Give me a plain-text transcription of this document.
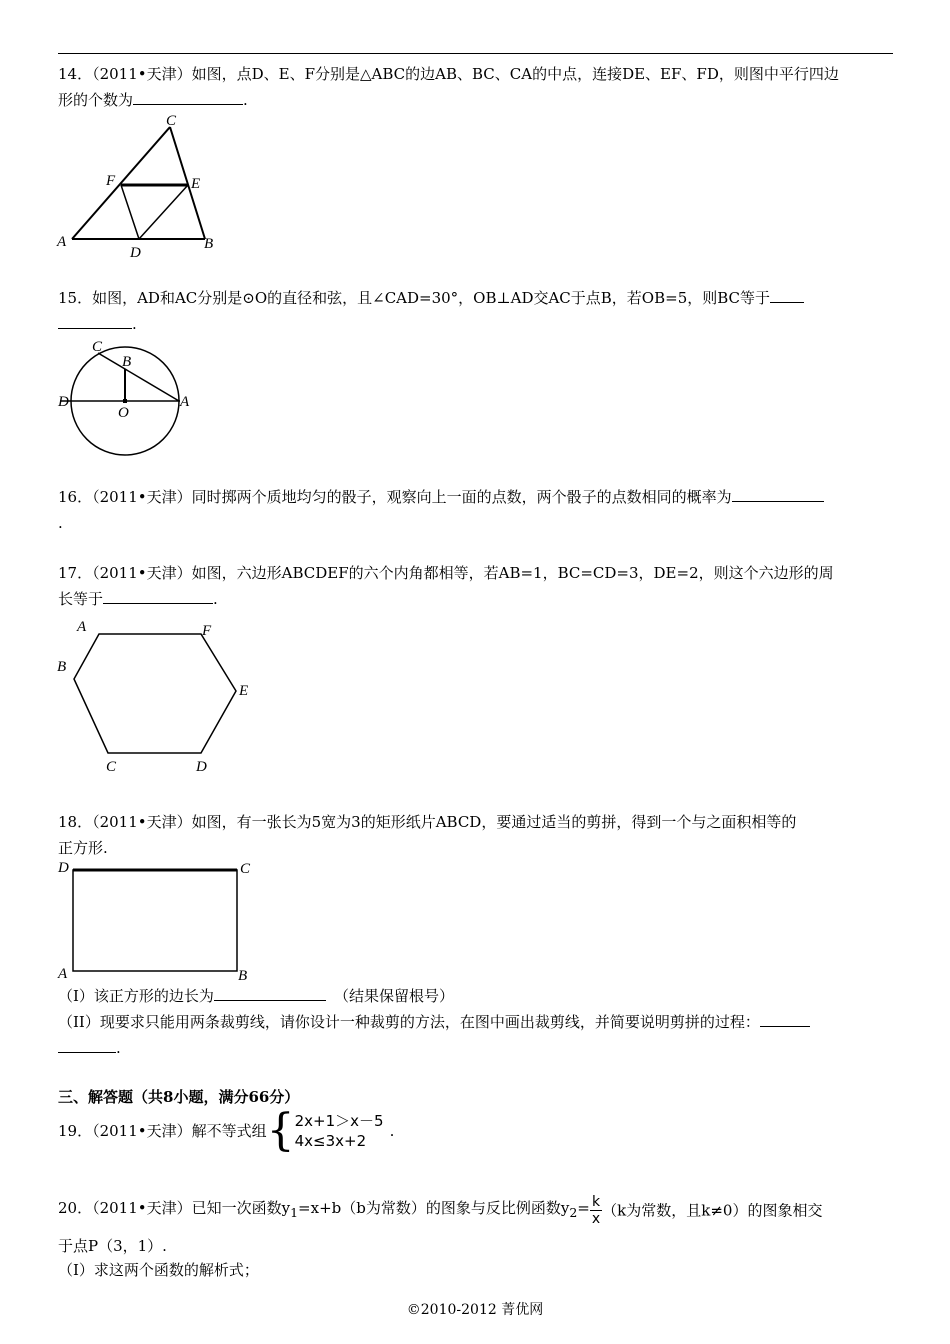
14．（2011•天津）如图，点D、E、F分别是△ABC的边AB、BC、CA的中点，连接DE、EF、FD，则图中平行四边
形的个数为	.
C
F	E
A	B
D
15．如图，AD和AC分别是⊙O的直径和弦，且∠CAD=30°，OB⊥AD交AC于点B，若OB=5，则BC等于
.
C
B
D
O
A
16．（2011•天津）同时掷两个质地均匀的骰子，观察向上一面的点数，两个骰子的点数相同的概率为
.
17．（2011•天津）如图，六边形ABCDEF的六个内角都相等，若AB=1，BC=CD=3，DE=2，则这个六边形的周
长等于	.
A	F
B
E
C	D
18．（2011•天津）如图，有一张长为5宽为3的矩形纸片ABCD，要通过适当的剪拼，得到一个与之面积相等的
正方形.
D	C
A	B
（I）该正方形的边长为	（结果保留根号）
（II）现要求只能用两条裁剪线，请你设计一种裁剪的方法，在图中画出裁剪线，并简要说明剪拼的过程：
.
三、解答题（共8小题，满分66分）
19．（2011•天津）解不等式组{ 2x+1＞x－5
4x≤3x+2
.
20．（2011•天津）已知一次函数$y_1=x+b(b$为常数）的图象与反比例函数$y_2= \frac{k}{x} (k$为常数，且k≠0）的图象相交
于点P（3，1）.
（I）求这两个函数的解析式；
©2010-2012 菁优网
